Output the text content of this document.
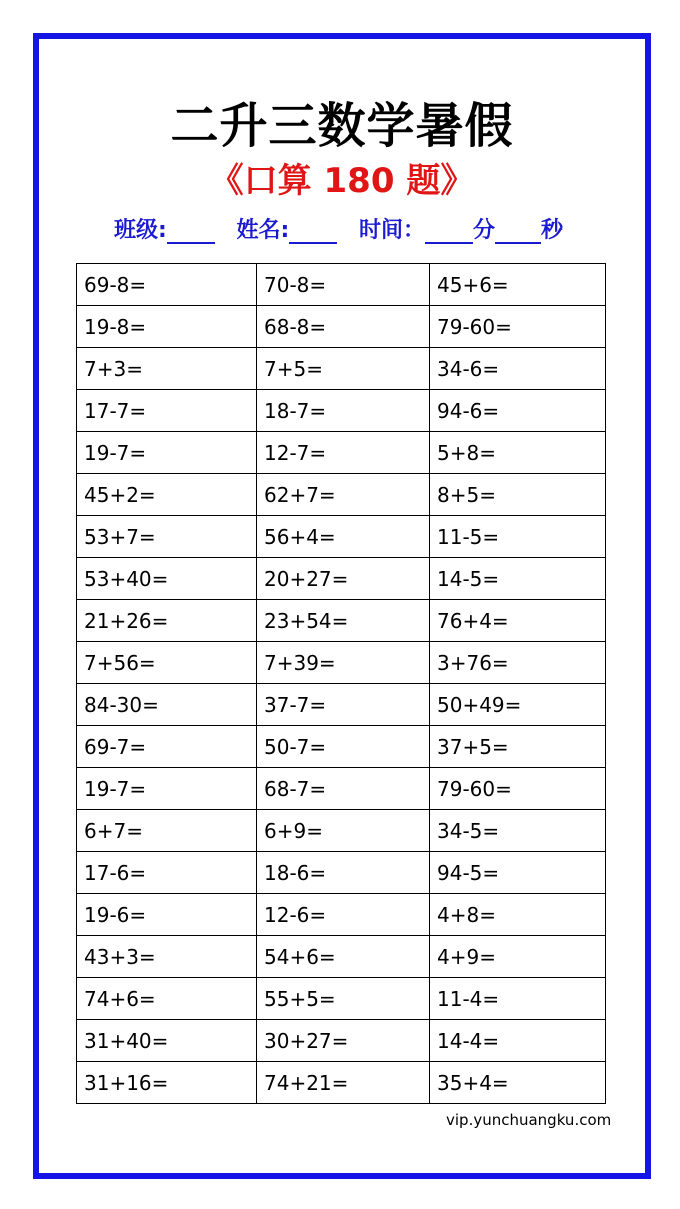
二升三数学暑假
《口算 180 题》
班级:	姓名:	时间： 分 秒
69-8=	70-8=	45+6=
19-8=	68-8=	79-60=
7+3=	7+5=	34-6=
17-7=	18-7=	94-6=
19-7=	12-7=	5+8=
45+2=	62+7=	8+5=
53+7=	56+4=	11-5=
53+40=	20+27=	14-5=
21+26=	23+54=	76+4=
7+56=	7+39=	3+76=
84-30=	37-7=	50+49=
69-7=	50-7=	37+5=
19-7=	68-7=	79-60=
6+7=	6+9=	34-5=
17-6=	18-6=	94-5=
19-6=	12-6=	4+8=
43+3=	54+6=	4+9=
74+6=	55+5=	11-4=
31+40=	30+27=	14-4=
31+16=	74+21=	35+4=
vip.yunchuangku.com
